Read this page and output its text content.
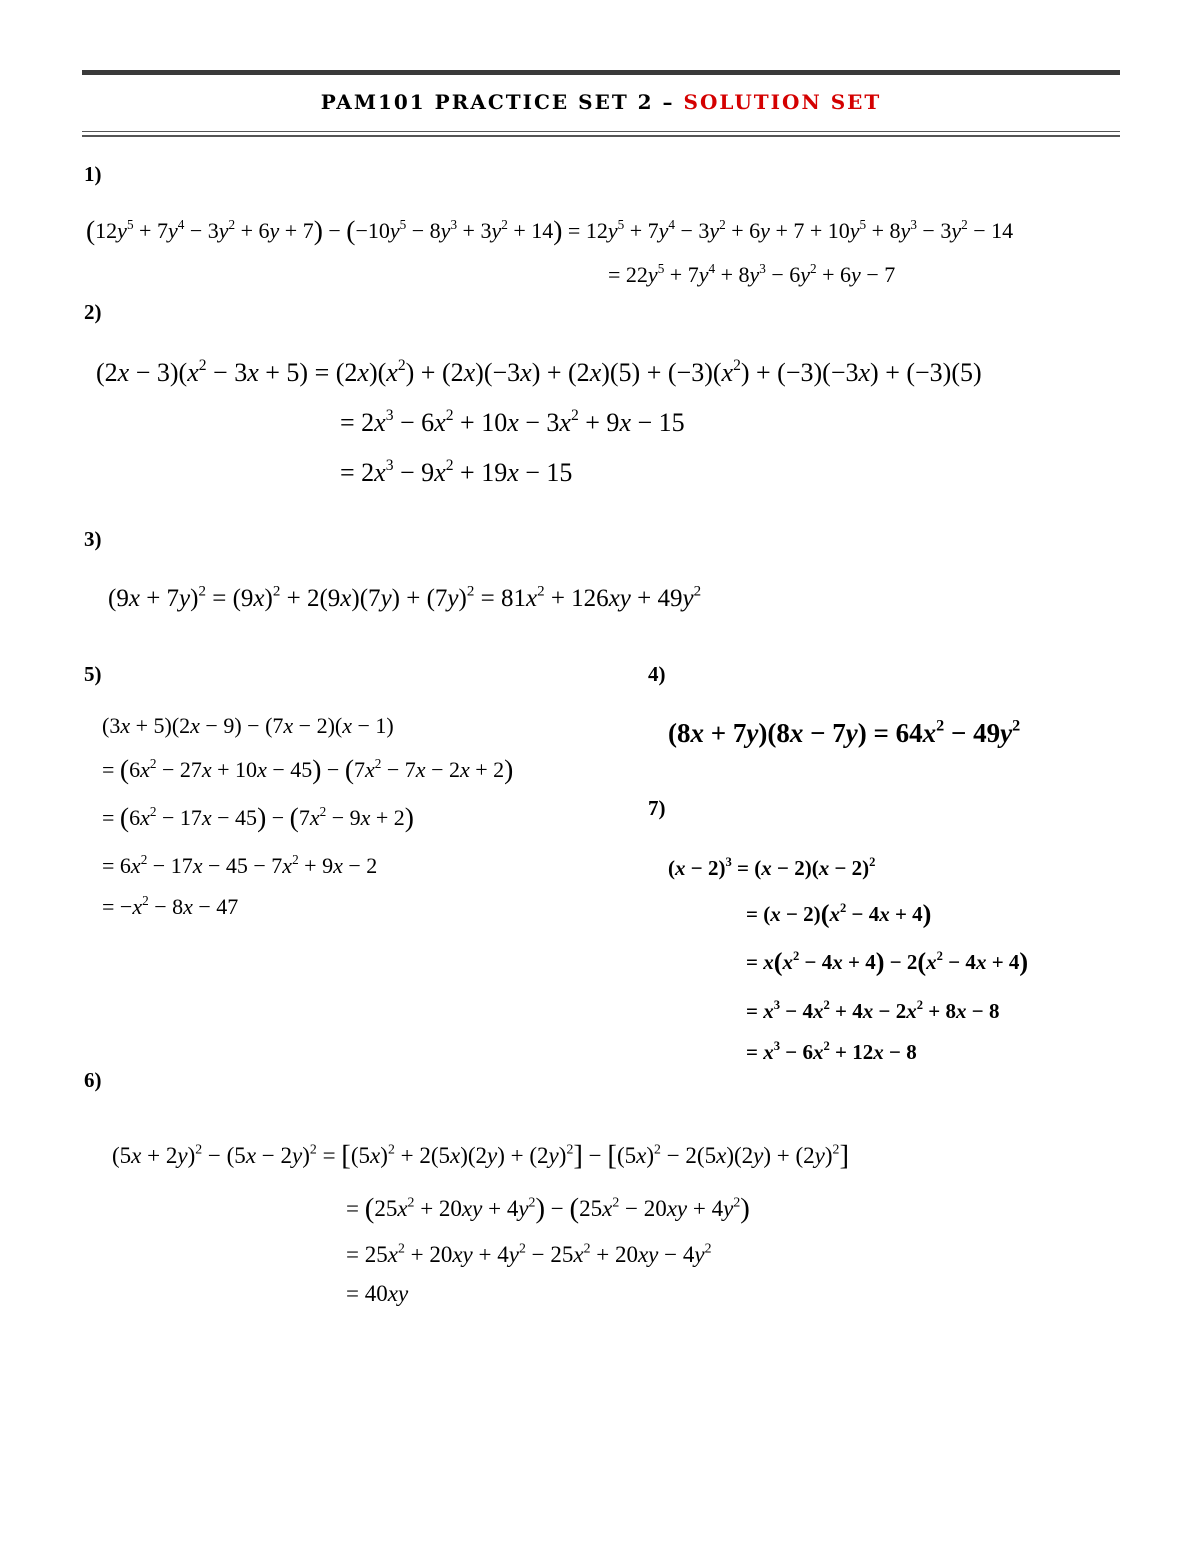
PAM101 PRACTICE SET 2 – SOLUTION SET
1)
$(12y^5 + 7y^4 - 3y^2 + 6y + 7) - (-10y^5 - 8y^3 + 3y^2 + 14) = 12y^5 + 7y^4 - 3y^2 + 6y + 7 + 10y^5 + 8y^3 - 3y^2 - 14$
= $22y^5 + 7y^4 + 8y^3 - 6y^2 + 6y - 7$
2)
$(2x - 3)(x^2 - 3x + 5) = (2x)(x^2) + (2x)(-3x) + (2x)(5) + (-3)(x^2) + (-3)(-3x) + (-3)(5)$
= $2x^3 - 6x^2 + 10x - 3x^2 + 9x - 15$
= $2x^3 - 9x^2 + 19x - 15$
3)
$(9x + 7y)^2 = (9x)^2 + 2(9x)(7y) + (7y)^2 = 81x^2 + 126xy + 49y^2$
5)
(3x + 5)(2x − 9) − (7x − 2)(x − 1)
= $(6x^2 - 27x + 10x - 45) - (7x^2 - 7x - 2x + 2)$
= $(6x^2 - 17x - 45) - (7x^2 - 9x + 2)$
= $6x^2 - 17x - 45 - 7x^2 + 9x - 2$
= $-x^2 - 8x - 47$
4)
$(8x + 7y)(8x - 7y) = 64x^2 - 49y^2$
7)
$(x - 2)^3 = (x - 2)(x - 2)^2$
= $(x - 2)(x^2 - 4x + 4)$
= $x(x^2 - 4x + 4) - 2(x^2 - 4x + 4)$
= $x^3 - 4x^2 + 4x - 2x^2 + 8x - 8$
= $x^3 - 6x^2 + 12x - 8$
6)
$(5x + 2y)^2 - (5x - 2y)^2 = [(5x)^2 + 2(5x)(2y) + (2y)^2] - [(5x)^2 - 2(5x)(2y) + (2y)^2]$
= $(25x^2 + 20xy + 4y^2) - (25x^2 - 20xy + 4y^2)$
= $25x^2 + 20xy + 4y^2 - 25x^2 + 20xy - 4y^2$
= 40xy
